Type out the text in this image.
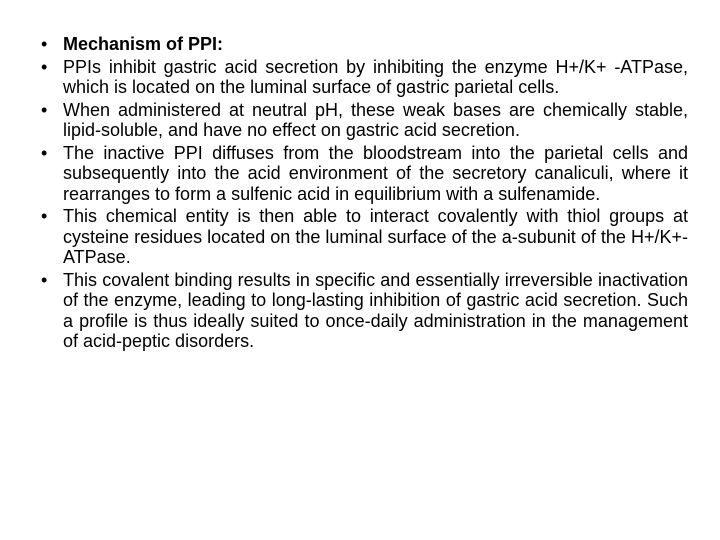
• Mechanism of PPI:
• PPIs inhibit gastric acid secretion by inhibiting the enzyme H+/K+ -ATPase, which is located on the luminal surface of gastric parietal cells.
• When administered at neutral pH, these weak bases are chemically stable, lipid-soluble, and have no effect on gastric acid secretion.
• The inactive PPI diffuses from the bloodstream into the parietal cells and subsequently into the acid environment of the secretory canaliculi, where it rearranges to form a sulfenic acid in equilibrium with a sulfenamide.
• This chemical entity is then able to interact covalently with thiol groups at cysteine residues located on the luminal surface of the a-subunit of the H+/K+-ATPase.
• This covalent binding results in specific and essentially irreversible inactivation of the enzyme, leading to long-lasting inhibition of gastric acid secretion. Such a profile is thus ideally suited to once-daily administration in the management of acid-peptic disorders.
